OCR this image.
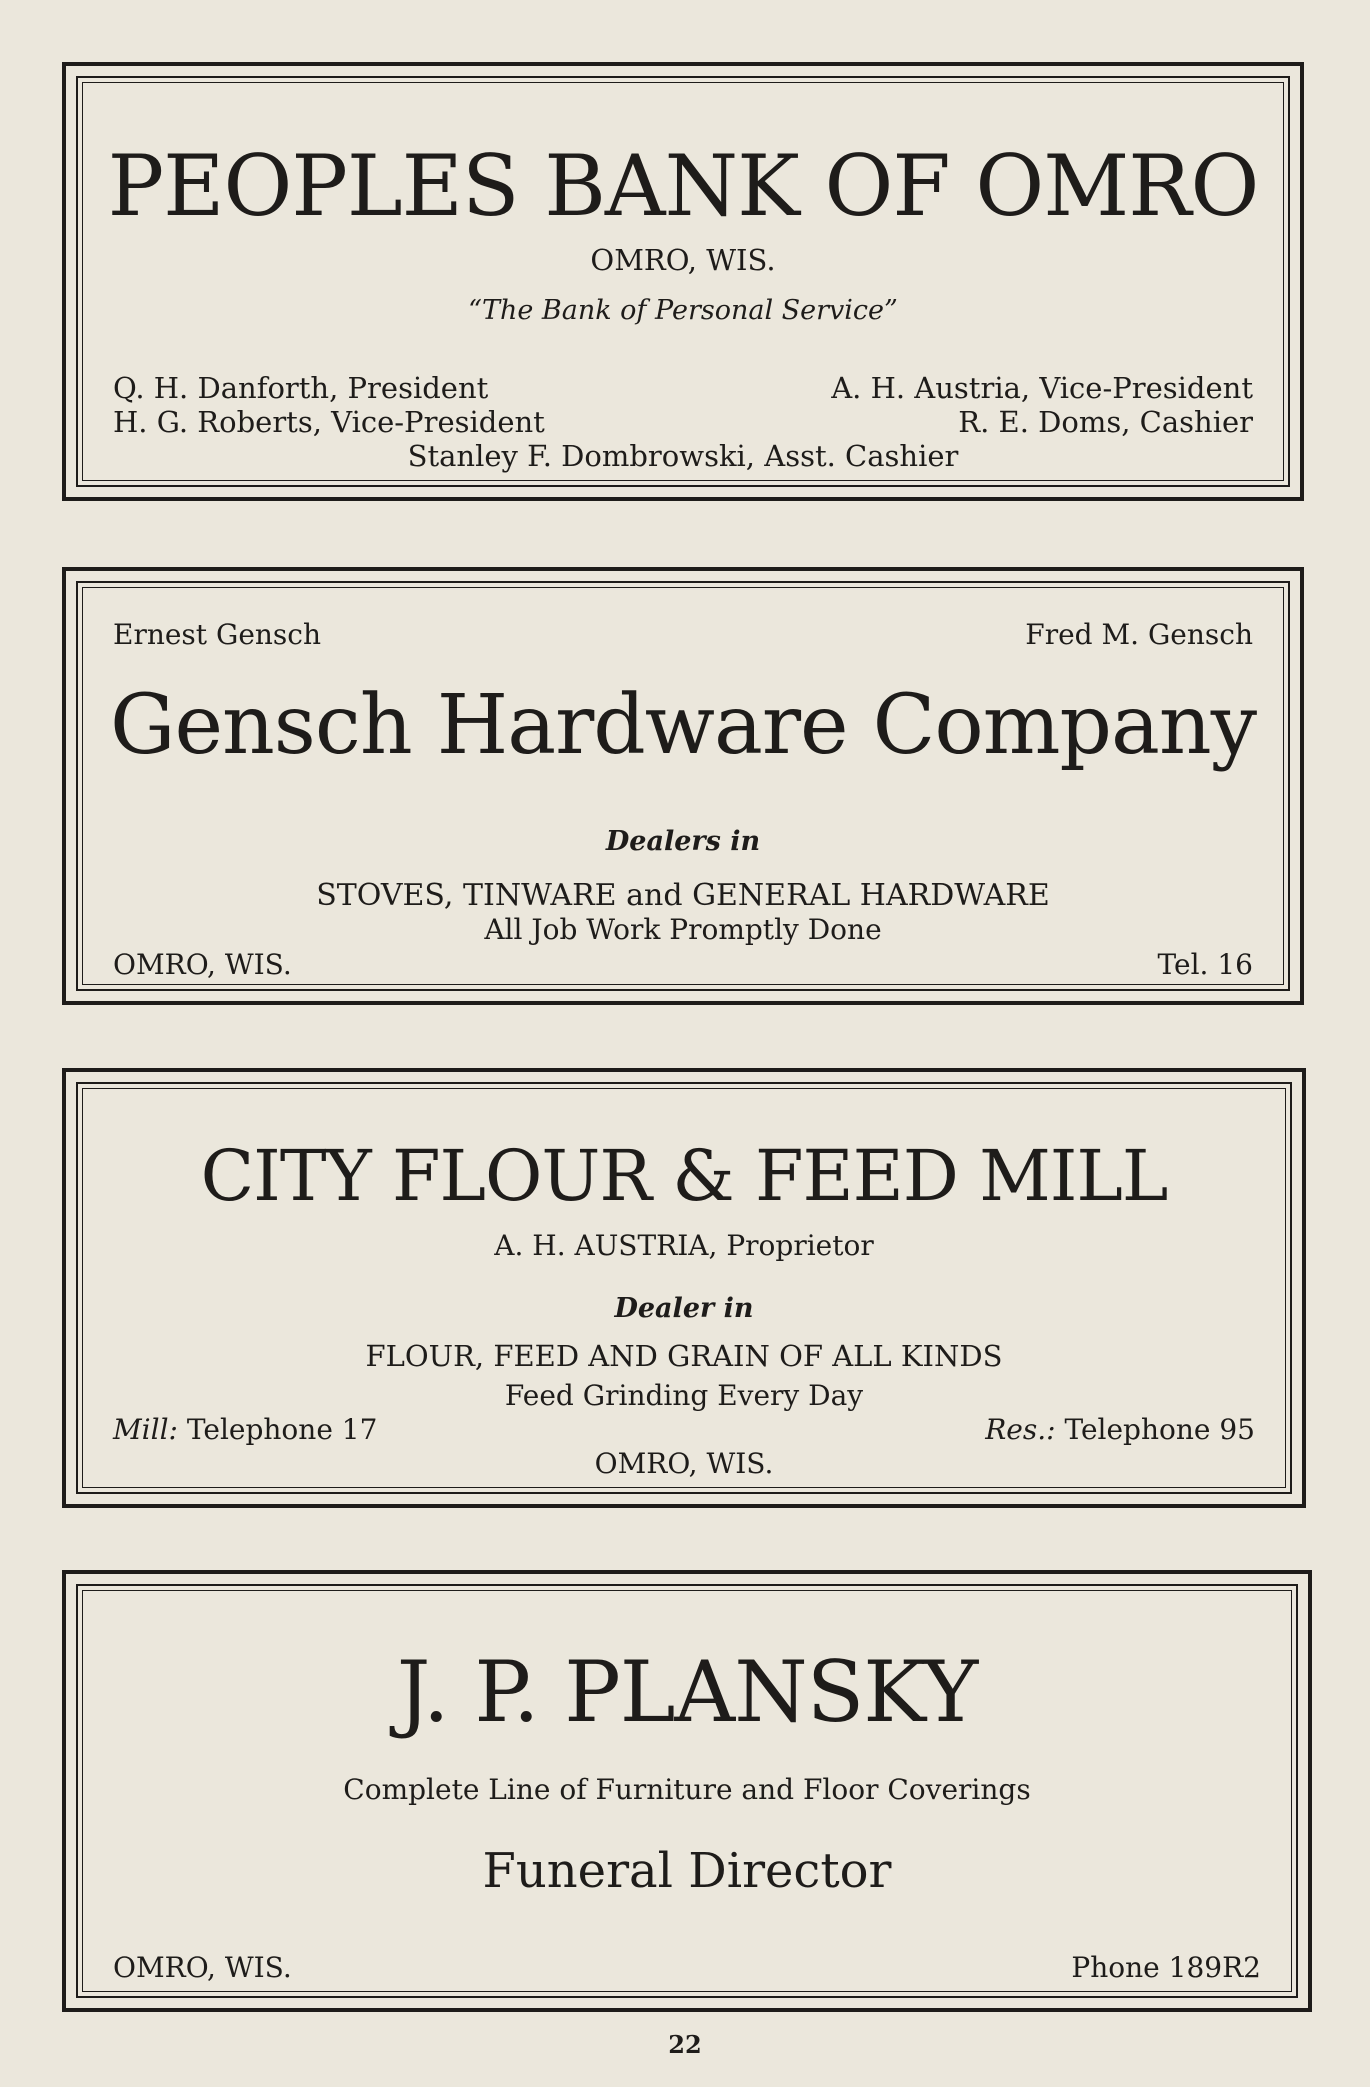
PEOPLES BANK OF OMRO
OMRO, WIS.
“The Bank of Personal Service”
Q. H. Danforth, President	A. H. Austria, Vice-President
H. G. Roberts, Vice-President	R. E. Doms, Cashier
Stanley F. Dombrowski, Asst. Cashier
Ernest Gensch	Fred M. Gensch
Gensch Hardware Company
Dealers in
STOVES, TINWARE and GENERAL HARDWARE
All Job Work Promptly Done
OMRO, WIS.	Tel. 16
CITY FLOUR & FEED MILL
A. H. AUSTRIA, Proprietor
Dealer in
FLOUR, FEED AND GRAIN OF ALL KINDS
Feed Grinding Every Day
Mill: Telephone 17	Res.: Telephone 95
OMRO, WIS.
J. P. PLANSKY
Complete Line of Furniture and Floor Coverings
Funeral Director
OMRO, WIS.	Phone 189R2
22
